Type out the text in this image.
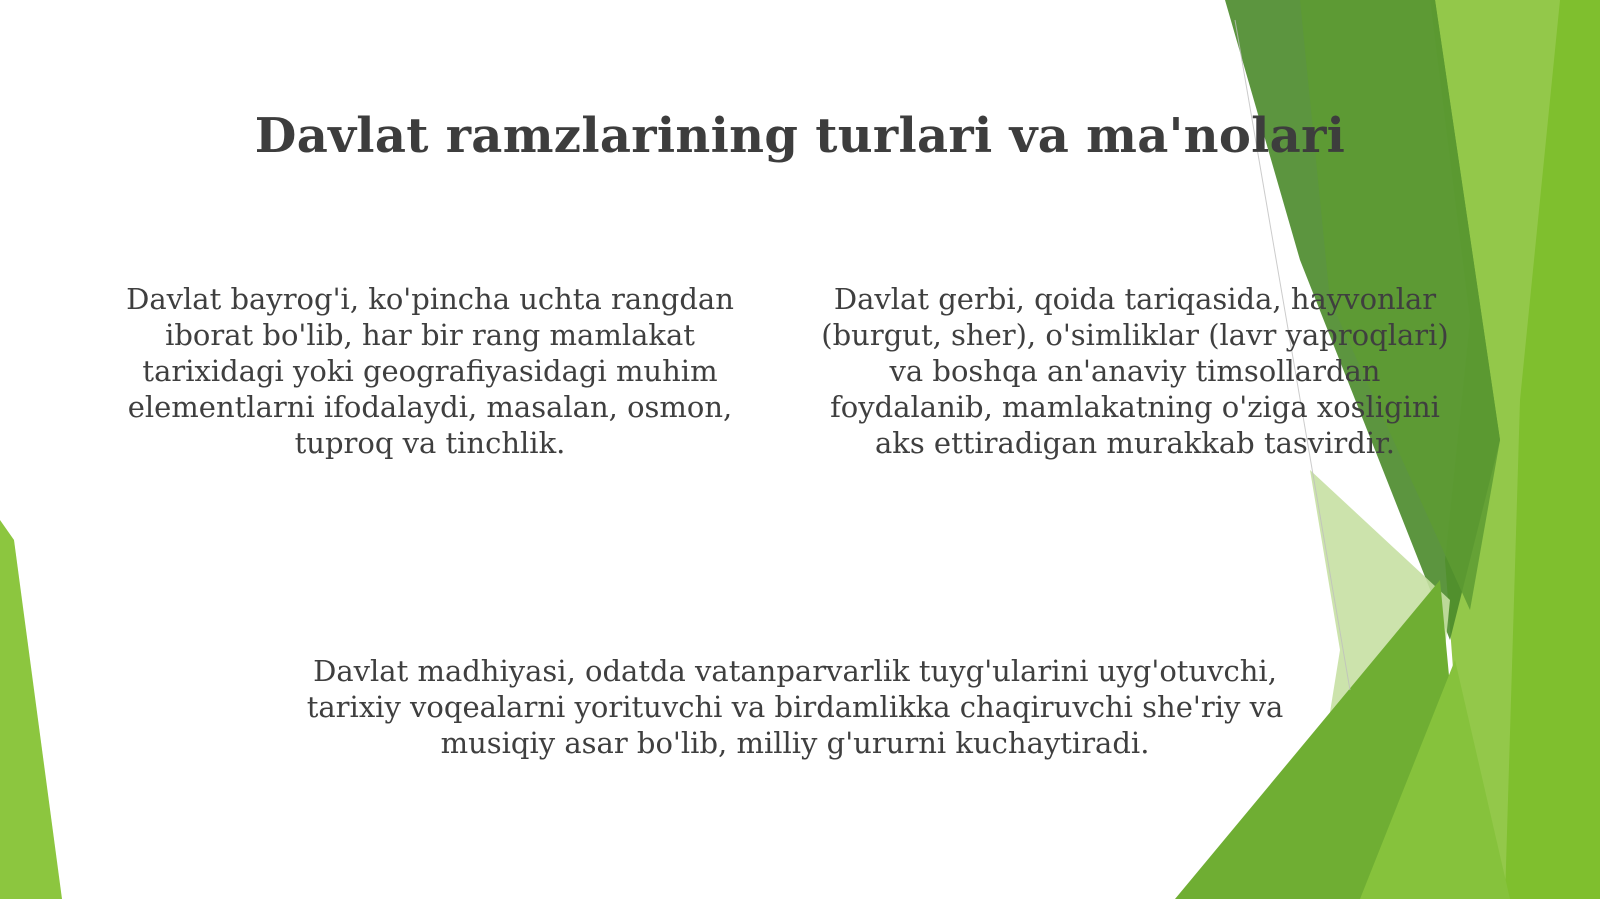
Davlat ramzlarining turlari va ma'nolari

Davlat bayrog'i, ko'pincha uchta rangdan iborat bo'lib, har bir rang mamlakat tarixidagi yoki geografiyasidagi muhim elementlarni ifodalaydi, masalan, osmon, tuproq va tinchlik.

Davlat gerbi, qoida tariqasida, hayvonlar (burgut, sher), o'simliklar (lavr yaproqlari) va boshqa an'anaviy timsollardan foydalanib, mamlakatning o'ziga xosligini aks ettiradigan murakkab tasvirdir.

Davlat madhiyasi, odatda vatanparvarlik tuyg'ularini uyg'otuvchi, tarixiy voqealarni yorituvchi va birdamlikka chaqiruvchi she'riy va musiqiy asar bo'lib, milliy g'ururni kuchaytiradi.
